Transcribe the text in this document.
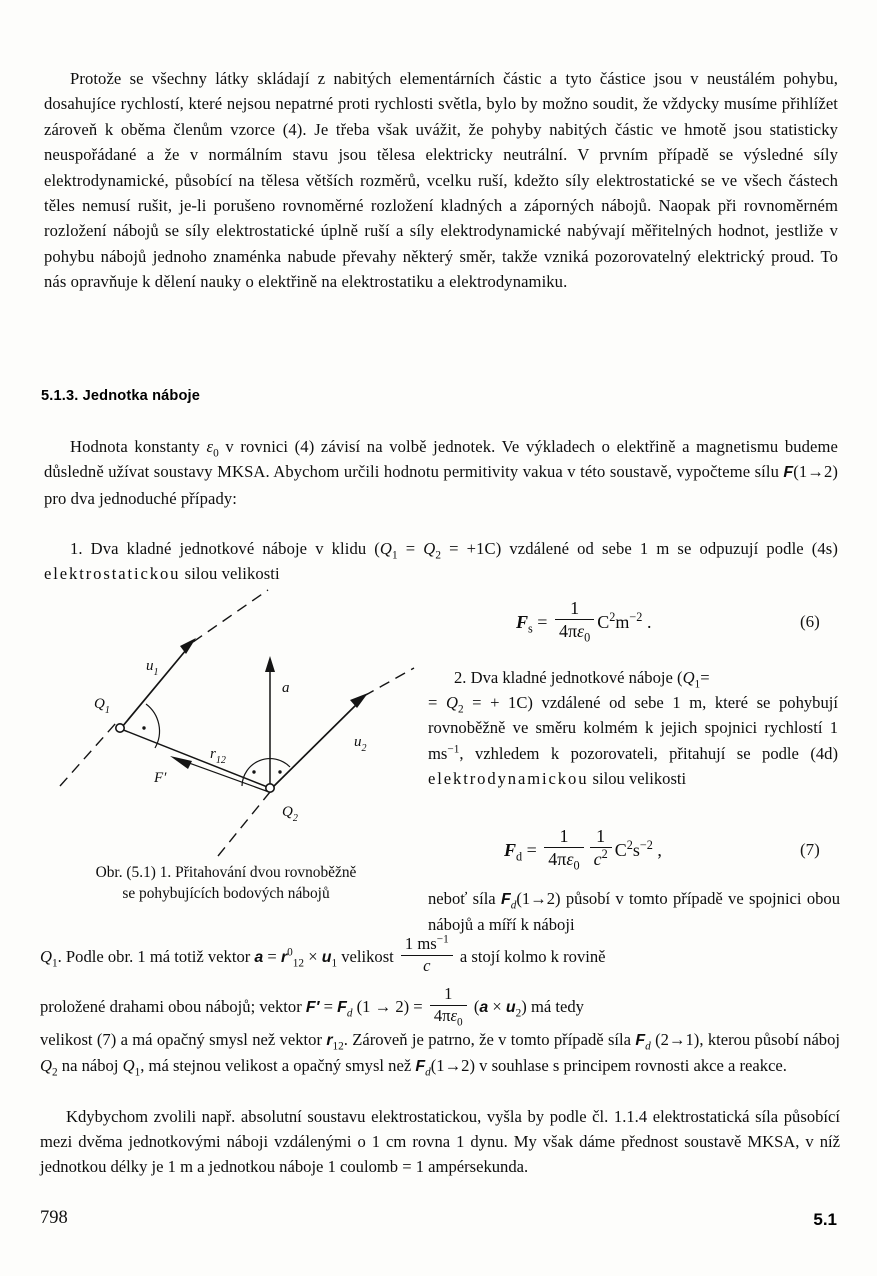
Protože se všechny látky skládají z nabitých elementárních částic a tyto částice jsou v neustálém pohybu, dosahujíce rychlostí, které nejsou nepatrné proti rychlosti světla, bylo by možno soudit, že vždycky musíme přihlížet zároveň k oběma členům vzorce (4). Je třeba však uvážit, že pohyby nabitých částic ve hmotě jsou statisticky neuspořádané a že v normálním stavu jsou tělesa elektricky neutrální. V prvním případě se výsledné síly elektrodynamické, působící na tělesa větších rozměrů, vcelku ruší, kdežto síly elektrostatické se ve všech částech těles nemusí rušit, je-li porušeno rovnoměrné rozložení kladných a záporných nábojů. Naopak při rovnoměrném rozložení nábojů se síly elektrostatické úplně ruší a síly elektrodynamické nabývají měřitelných hodnot, jestliže v pohybu nábojů jednoho znaménka nabude převahy některý směr, takže vzniká pozorovatelný elektrický proud. To nás opravňuje k dělení nauky o elektřině na elektrostatiku a elektrodynamiku.
5.1.3. Jednotka náboje
Hodnota konstanty $\varepsilon_0$ v rovnici (4) závisí na volbě jednotek. Ve výkladech o elektřině a magnetismu budeme důsledně užívat soustavy MKSA. Abychom určili hodnotu permitivity vakua v této soustavě, vypočteme sílu F(1→2) pro dva jednoduché případy:
1. Dva kladné jednotkové náboje v klidu $(Q_1 = Q_2 = +1C)$ vzdálené od sebe 1 m se odpuzují podle (4s) elektrostatickou silou velikosti
$F_s = \frac{1}{4\pi\varepsilon_0} C^2m^{-2}$ .	(6)
2. Dva kladné jednotkové náboje ($Q_1=$
= $Q_2$ = + 1C) vzdálené od sebe 1 m, které se pohybují rovnoběžně ve směru kolmém k jejich spojnici rychlostí 1 $ms^{-1}$, vzhledem k pozorovateli, přitahují se podle (4d) elektrodynamickou silou velikosti
$F_d = \frac{1}{4\pi\varepsilon_0} \frac{1}{c^2} C^2s^{-2}$ ,	(7)
$Q_1$
$Q_2$
$u_1$
$u_2$
a
$r_{12}$
F′
Obr. (5.1) 1. Přitahování dvou rovnoběžně
se pohybujících bodových nábojů	neboť síla $F_d(1\to 2)$ působí v tomto případě ve spojnici obou nábojů a míří k náboji
$Q_1$. Podle obr. 1 má totiž vektor $a = r^0_{12} \times u_1$ velikost $\frac{1 ms^{-1}}{c}$ a stojí kolmo k rovině
proložené drahami obou nábojů; vektor $F' = F_d$ $(1 \to 2) = \frac{1}{4\pi\varepsilon_0} (a \times u_2)$ má tedy
velikost (7) a má opačný smysl než vektor $r_{12}$. Zároveň je patrno, že v tomto případě síla $F_d$ (2→1), kterou působí náboj $Q_2$ na náboj $Q_1$, má stejnou velikost a opačný smysl než $F_d(1\to 2)$ v souhlase s principem rovnosti akce a reakce.
Kdybychom zvolili např. absolutní soustavu elektrostatickou, vyšla by podle čl. 1.1.4 elektrostatická síla působící mezi dvěma jednotkovými náboji vzdálenými o 1 cm rovna 1 dynu. My však dáme přednost soustavě MKSA, v níž jednotkou délky je 1 m a jednotkou náboje 1 coulomb = 1 ampérsekunda.
798	5.1
